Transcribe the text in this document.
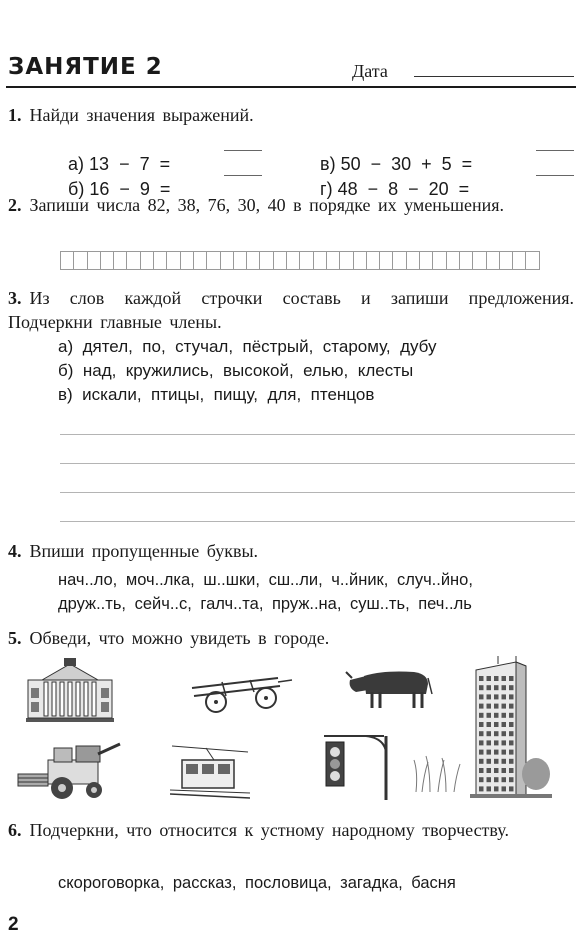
ЗАНЯТИЕ 2	Дата
1. Найди значения выражений.

а) 13  −  7  =

б) 16  −  9  =

в) 50  −  30  +  5  =

г) 48  −  8  −  20  =

2. Запиши числа 82, 38, 76, 30, 40 в порядке их уменьшения.
3. Из слов каждой строчки составь и запиши предложения. Подчеркни главные члены.
а) дятел,  по,  стучал,  пёстрый,  старому,  дубу
б) над,  кружились,  высокой,  елью,  клесты
в) искали,  птицы,  пищу,  для,  птенцов
4. Впиши пропущенные буквы.
нач..ло, моч..лка, ш..шки, сш..ли, ч..йник, случ..йно,
друж..ть, сейч..с, галч..та, пруж..на, суш..ть, печ..ль
5. Обведи, что можно увидеть в городе.
6. Подчеркни, что относится к устному народному творчеству.
скороговорка, рассказ, пословица, загадка, басня
2
